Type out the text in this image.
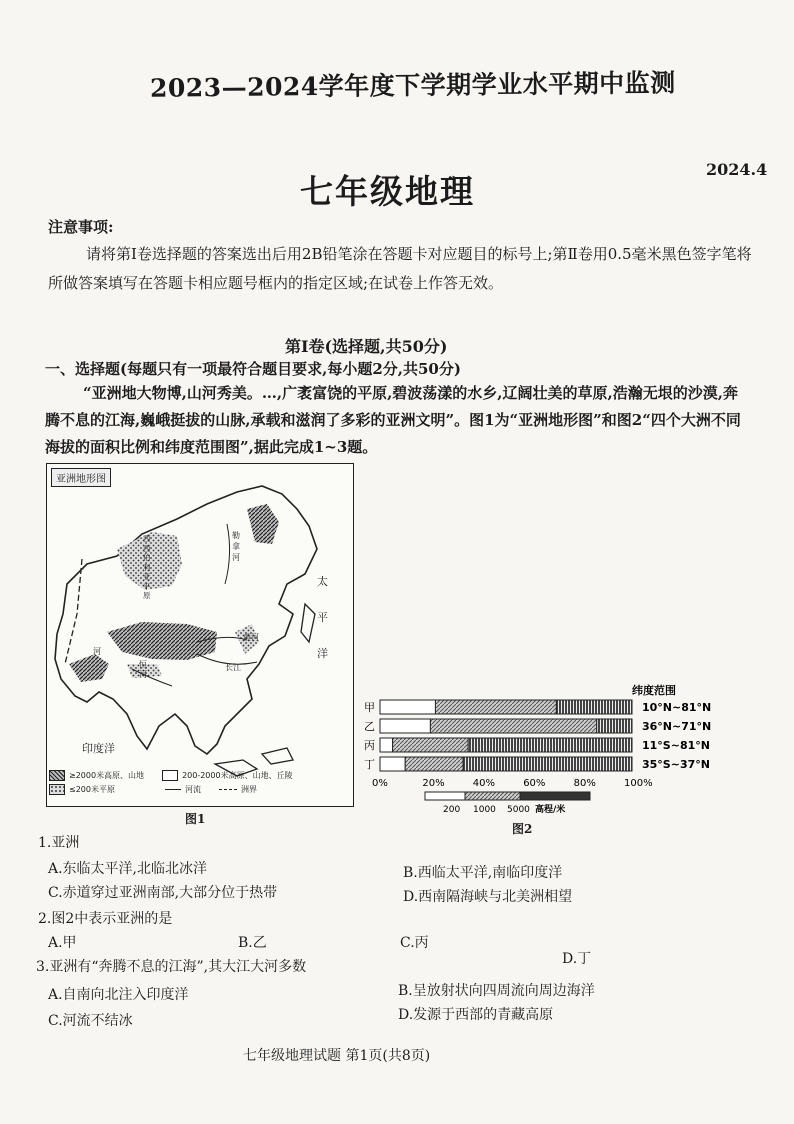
2023—2024学年度下学期学业水平期中监测
七年级地理
2024.4
注意事项:
请将第Ⅰ卷选择题的答案选出后用2B铅笔涂在答题卡对应题目的标号上;第Ⅱ卷用0.5毫米黑色签字笔将所做答案填写在答题卡相应题号框内的指定区域;在试卷上作答无效。
第Ⅰ卷(选择题,共50分)
一、选择题(每题只有一项最符合题目要求,每小题2分,共50分)
“亚洲地大物博,山河秀美。…,广袤富饶的平原,碧波荡漾的水乡,辽阔壮美的草原,浩瀚无垠的沙漠,奔腾不息的江海,巍峨挺拔的山脉,承载和滋润了多彩的亚洲文明”。图1为“亚洲地形图”和图2“四个大洲不同海拔的面积比例和纬度范围图”,据此完成1~3题。
亚洲地形图
太
平
洋
印度洋
勒
拿
河
西
西
伯
利
亚
平
原
恒
河
长江
黄河
河
≥2000米高原、山地	200-2000米高原、山地、丘陵
≤200米平原	河流	洲界
图1
纬度范围
甲	10°N~81°N
乙	36°N~71°N
丙	11°S~81°N
丁	35°S~37°N
0%	20%	40%	60%	80%	100%
200 1000 5000 高程/米
图2
1.亚洲
A.东临太平洋,北临北冰洋	B.西临太平洋,南临印度洋
C.赤道穿过亚洲南部,大部分位于热带	D.西南隔海峡与北美洲相望
2.图2中表示亚洲的是
A.甲	B.乙	C.丙
D.丁
3.亚洲有“奔腾不息的江海”,其大江大河多数
A.自南向北注入印度洋	B.呈放射状向四周流向周边海洋
C.河流不结冰	D.发源于西部的青藏高原
七年级地理试题 第1页(共8页)
